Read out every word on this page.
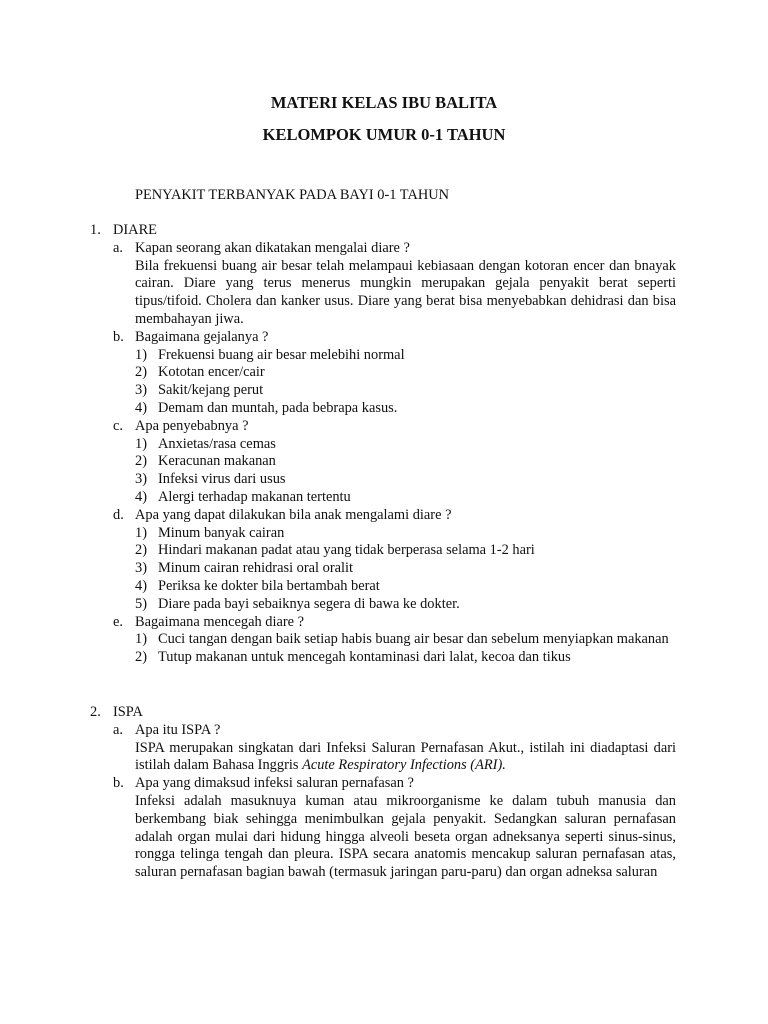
MATERI KELAS IBU BALITA
KELOMPOK UMUR 0-1 TAHUN
PENYAKIT TERBANYAK PADA BAYI 0-1 TAHUN
1. DIARE
a. Kapan seorang akan dikatakan mengalai diare ?
Bila frekuensi buang air besar telah melampaui kebiasaan dengan kotoran encer dan bnayak cairan. Diare yang terus menerus mungkin merupakan gejala penyakit berat seperti tipus/tifoid. Cholera dan kanker usus. Diare yang berat bisa menyebabkan dehidrasi dan bisa membahayan jiwa.
b. Bagaimana gejalanya ?
1) Frekuensi buang air besar melebihi normal
2) Kototan encer/cair
3) Sakit/kejang perut
4) Demam dan muntah, pada bebrapa kasus.
c. Apa penyebabnya ?
1) Anxietas/rasa cemas
2) Keracunan makanan
3) Infeksi virus dari usus
4) Alergi terhadap makanan tertentu
d. Apa yang dapat dilakukan bila anak mengalami diare ?
1) Minum banyak cairan
2) Hindari makanan padat atau yang tidak berperasa selama 1-2 hari
3) Minum cairan rehidrasi oral oralit
4) Periksa ke dokter bila bertambah berat
5) Diare pada bayi sebaiknya segera di bawa ke dokter.
e. Bagaimana mencegah diare ?
1) Cuci tangan dengan baik setiap habis buang air besar dan sebelum menyiapkan makanan
2) Tutup makanan untuk mencegah kontaminasi dari lalat, kecoa dan tikus
2. ISPA
a. Apa itu ISPA ?
ISPA merupakan singkatan dari Infeksi Saluran Pernafasan Akut., istilah ini diadaptasi dari istilah dalam Bahasa Inggris Acute Respiratory Infections (ARI).
b. Apa yang dimaksud infeksi saluran pernafasan ?
Infeksi adalah masuknuya kuman atau mikroorganisme ke dalam tubuh manusia dan berkembang biak sehingga menimbulkan gejala penyakit. Sedangkan saluran pernafasan adalah organ mulai dari hidung hingga alveoli beseta organ adneksanya seperti sinus-sinus, rongga telinga tengah dan pleura. ISPA secara anatomis mencakup saluran pernafasan atas, saluran pernafasan bagian bawah (termasuk jaringan paru-paru) dan organ adneksa saluran
